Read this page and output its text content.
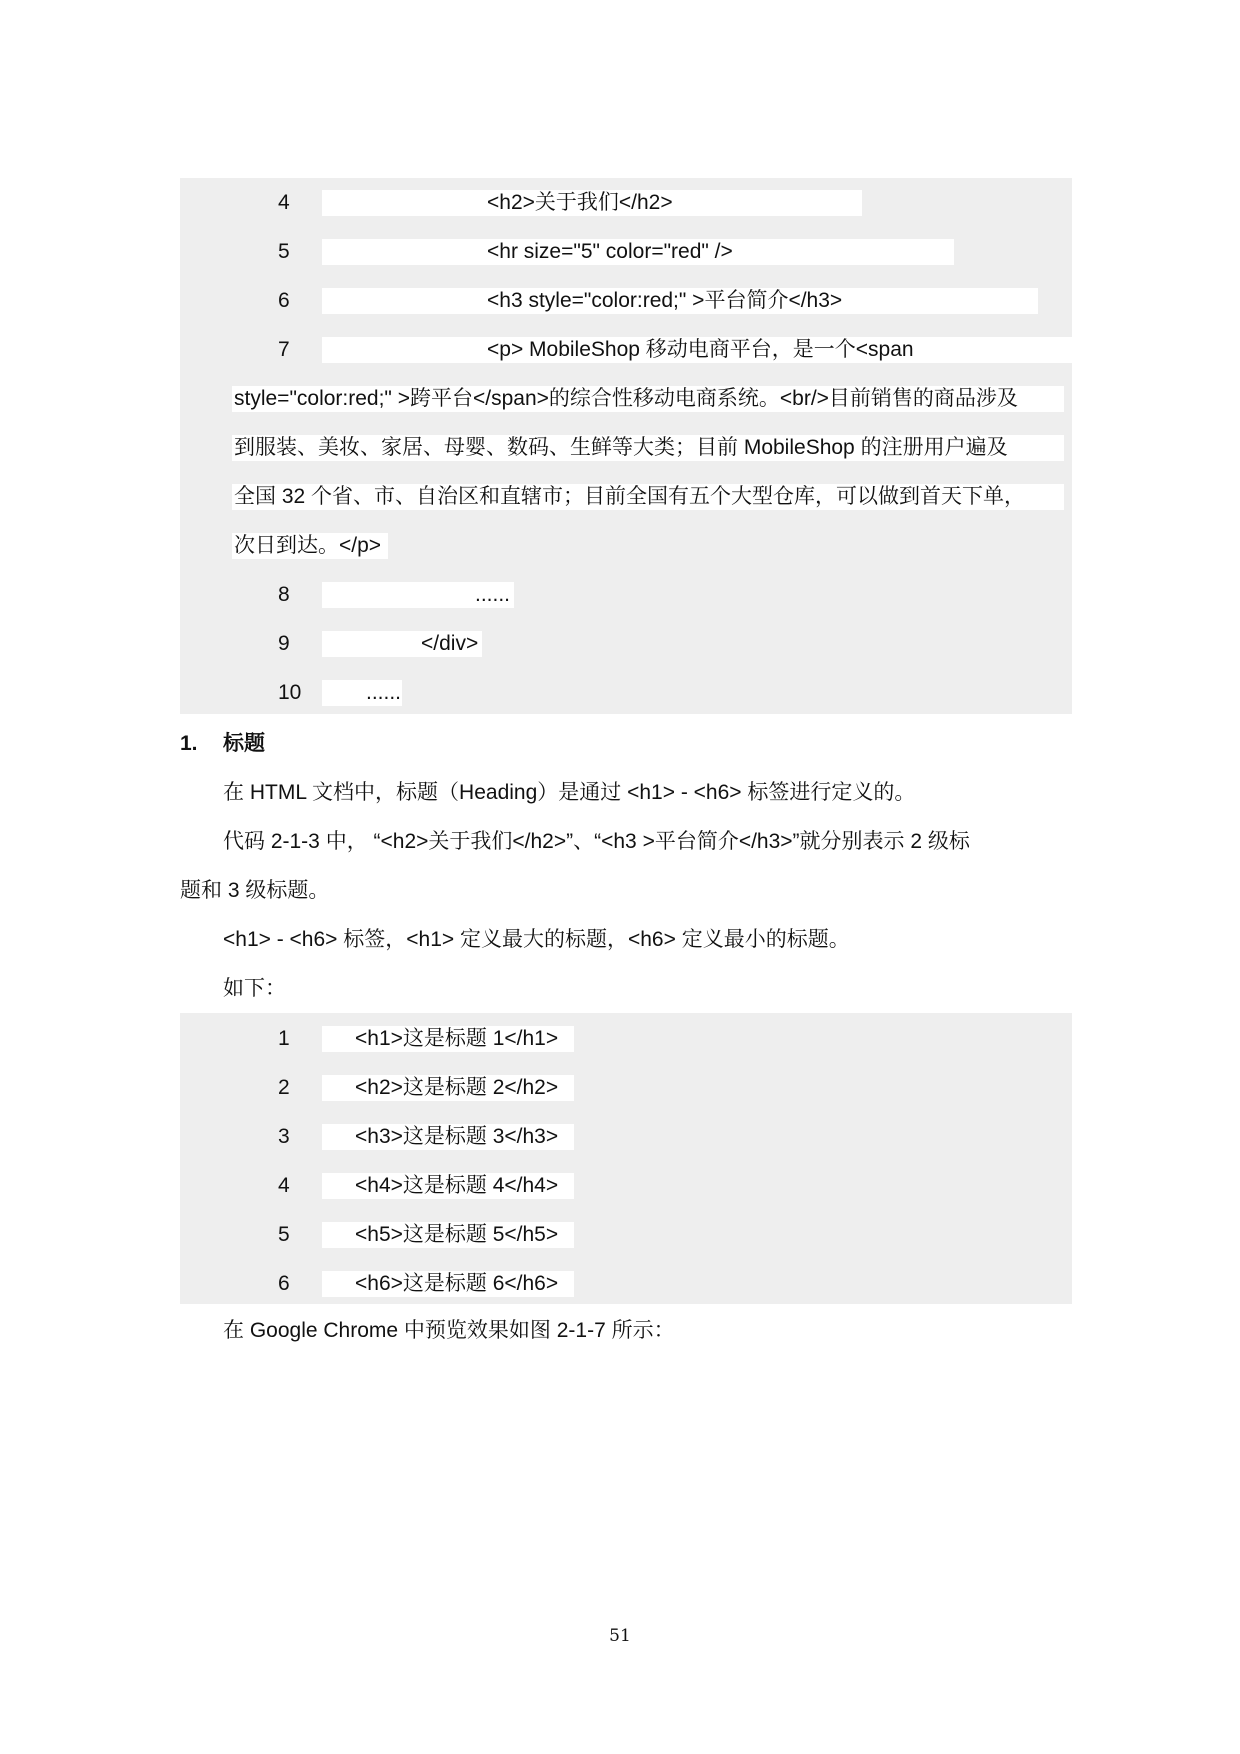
4	<h2>关于我们</h2>
5	<hr size="5" color="red" />
6	<h3 style="color:red;" >平台简介</h3>
7	<p> MobileShop 移动电商平台，是一个<span
style="color:red;" >跨平台</span>的综合性移动电商系统。<br/>目前销售的商品涉及
到服装、美妆、家居、母婴、数码、生鲜等大类；目前 MobileShop 的注册用户遍及
全国 32 个省、市、自治区和直辖市；目前全国有五个大型仓库，可以做到首天下单，
次日到达。</p>
8	......
9	</div>
10	......
1. 标题
在 HTML 文档中，标题（Heading）是通过 <h1> - <h6> 标签进行定义的。
代码 2-1-3 中， “<h2>关于我们</h2>”、“<h3 >平台简介</h3>”就分别表示 2 级标
题和 3 级标题。
<h1> - <h6> 标签，<h1> 定义最大的标题，<h6> 定义最小的标题。
如下：
1	<h1>这是标题 1</h1>
2	<h2>这是标题 2</h2>
3	<h3>这是标题 3</h3>
4	<h4>这是标题 4</h4>
5	<h5>这是标题 5</h5>
6	<h6>这是标题 6</h6>
在 Google Chrome 中预览效果如图 2-1-7 所示：
51
